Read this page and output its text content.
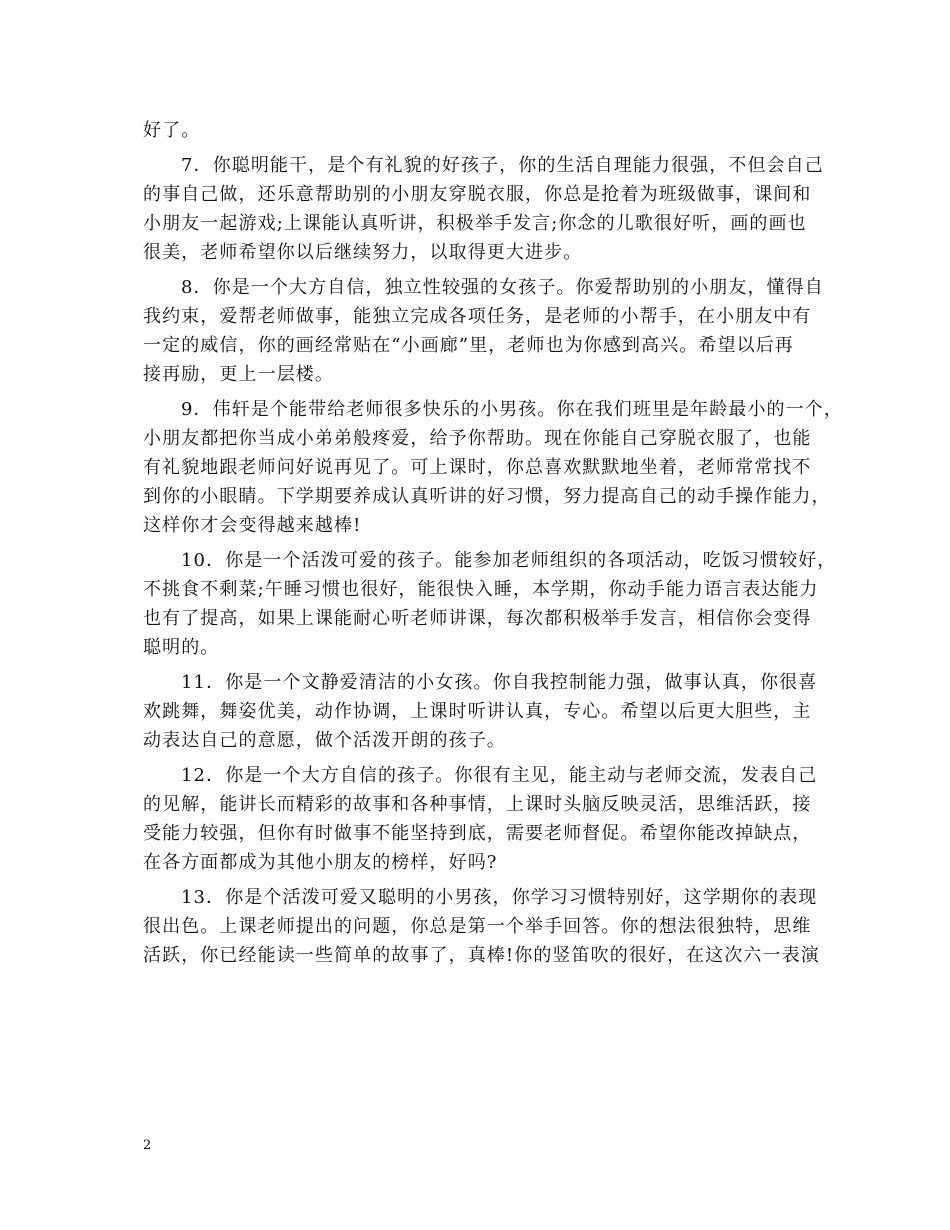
好了。
7．你聪明能干，是个有礼貌的好孩子，你的生活自理能力很强，不但会自己
的事自己做，还乐意帮助别的小朋友穿脱衣服，你总是抢着为班级做事，课间和
小朋友一起游戏;上课能认真听讲，积极举手发言;你念的儿歌很好听，画的画也
很美，老师希望你以后继续努力，以取得更大进步。
8．你是一个大方自信，独立性较强的女孩子。你爱帮助别的小朋友，懂得自
我约束，爱帮老师做事，能独立完成各项任务，是老师的小帮手，在小朋友中有
一定的威信，你的画经常贴在“小画廊”里，老师也为你感到高兴。希望以后再
接再励，更上一层楼。
9．伟轩是个能带给老师很多快乐的小男孩。你在我们班里是年龄最小的一个，
小朋友都把你当成小弟弟般疼爱，给予你帮助。现在你能自己穿脱衣服了，也能
有礼貌地跟老师问好说再见了。可上课时，你总喜欢默默地坐着，老师常常找不
到你的小眼睛。下学期要养成认真听讲的好习惯，努力提高自己的动手操作能力，
这样你才会变得越来越棒!
10．你是一个活泼可爱的孩子。能参加老师组织的各项活动，吃饭习惯较好，
不挑食不剩菜;午睡习惯也很好，能很快入睡，本学期，你动手能力语言表达能力
也有了提高，如果上课能耐心听老师讲课，每次都积极举手发言，相信你会变得
聪明的。
11．你是一个文静爱清洁的小女孩。你自我控制能力强，做事认真，你很喜
欢跳舞，舞姿优美，动作协调，上课时听讲认真，专心。希望以后更大胆些，主
动表达自己的意愿，做个活泼开朗的孩子。
12．你是一个大方自信的孩子。你很有主见，能主动与老师交流，发表自己
的见解，能讲长而精彩的故事和各种事情，上课时头脑反映灵活，思维活跃，接
受能力较强，但你有时做事不能坚持到底，需要老师督促。希望你能改掉缺点，
在各方面都成为其他小朋友的榜样，好吗?
13．你是个活泼可爱又聪明的小男孩，你学习习惯特别好，这学期你的表现
很出色。上课老师提出的问题，你总是第一个举手回答。你的想法很独特，思维
活跃，你已经能读一些简单的故事了，真棒!你的竖笛吹的很好，在这次六一表演
2
